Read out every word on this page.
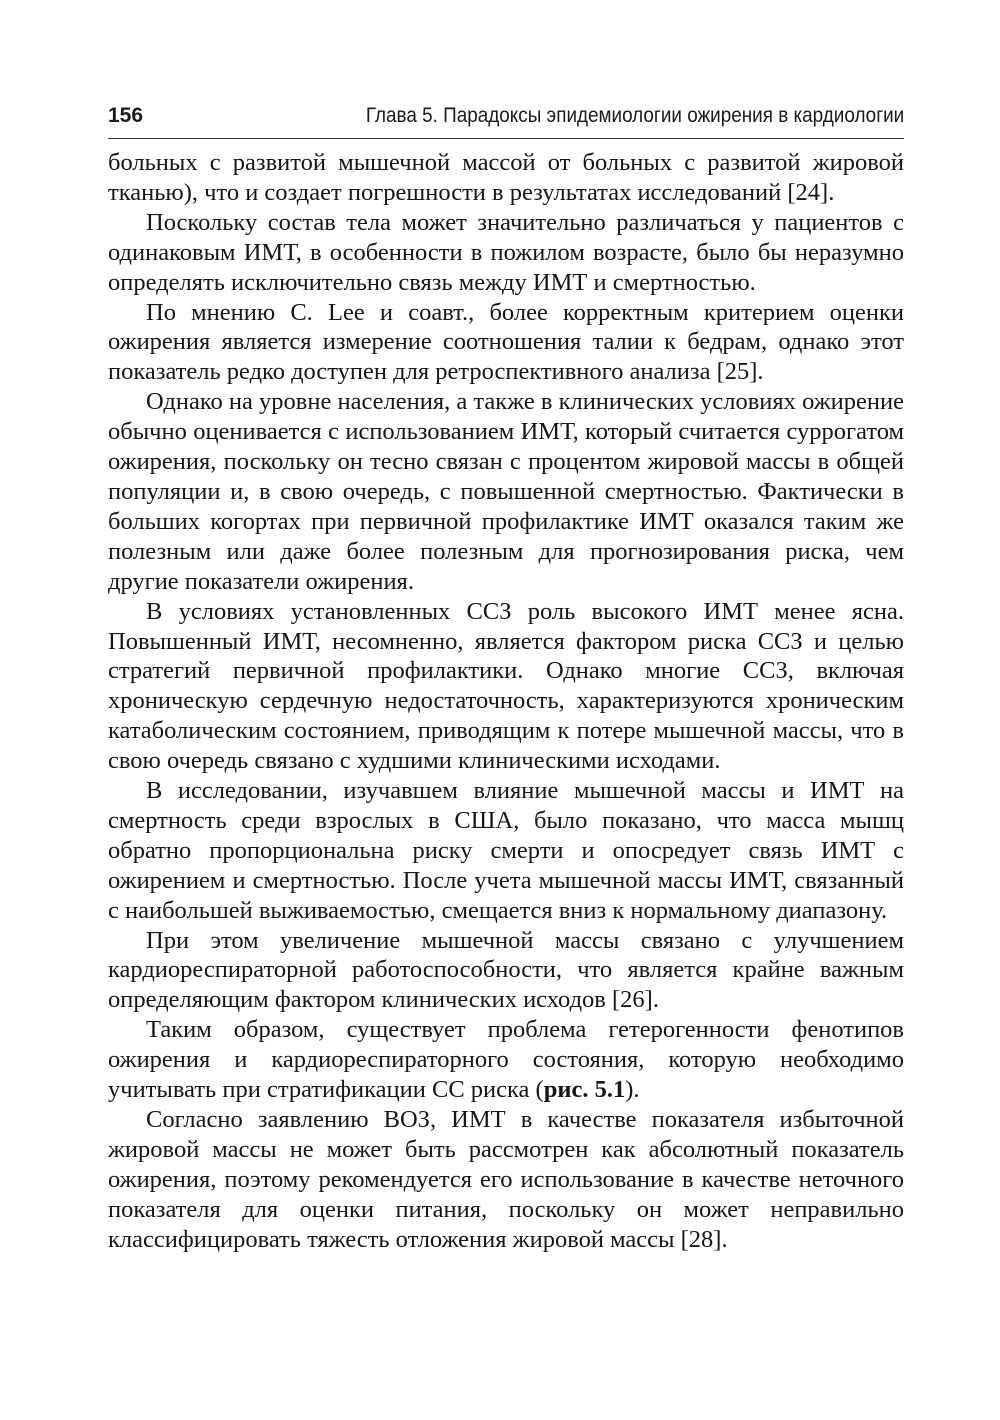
156	Глава 5. Парадоксы эпидемиологии ожирения в кардиологии

больных с развитой мышечной массой от больных с развитой жировой тканью), что и создает погрешности в результатах исследований [24].

Поскольку состав тела может значительно различаться у пациентов с одинаковым ИМТ, в особенности в пожилом возрасте, было бы неразумно определять исключительно связь между ИМТ и смертностью.

По мнению C. Lee и соавт., более корректным критерием оценки ожирения является измерение соотношения талии к бедрам, однако этот показатель редко доступен для ретроспективного анализа [25].

Однако на уровне населения, а также в клинических условиях ожирение обычно оценивается с использованием ИМТ, который считается суррогатом ожирения, поскольку он тесно связан с процентом жировой массы в общей популяции и, в свою очередь, с повышенной смертностью. Фактически в больших когортах при первичной профилактике ИМТ оказался таким же полезным или даже более полезным для прогнозирования риска, чем другие показатели ожирения.

В условиях установленных ССЗ роль высокого ИМТ менее ясна. Повышенный ИМТ, несомненно, является фактором риска ССЗ и целью стратегий первичной профилактики. Однако многие ССЗ, включая хроническую сердечную недостаточность, характеризуются хроническим катаболическим состоянием, приводящим к потере мышечной массы, что в свою очередь связано с худшими клиническими исходами.

В исследовании, изучавшем влияние мышечной массы и ИМТ на смертность среди взрослых в США, было показано, что масса мышц обратно пропорциональна риску смерти и опосредует связь ИМТ с ожирением и смертностью. После учета мышечной массы ИМТ, связанный с наибольшей выживаемостью, смещается вниз к нормальному диапазону.

При этом увеличение мышечной массы связано с улучшением кардиореспираторной работоспособности, что является крайне важным определяющим фактором клинических исходов [26].

Таким образом, существует проблема гетерогенности фенотипов ожирения и кардиореспираторного состояния, которую необходимо учитывать при стратификации СС риска (рис. 5.1).

Согласно заявлению ВОЗ, ИМТ в качестве показателя избыточной жировой массы не может быть рассмотрен как абсолютный показатель ожирения, поэтому рекомендуется его использование в качестве неточного показателя для оценки питания, поскольку он может неправильно классифицировать тяжесть отложения жировой массы [28].
